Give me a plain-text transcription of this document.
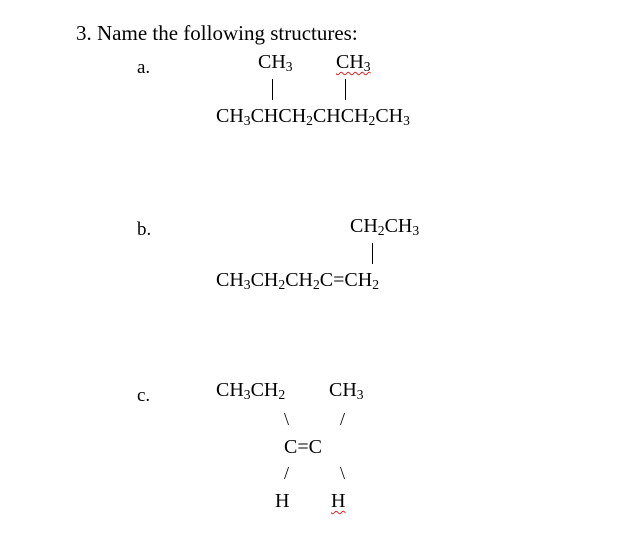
3. Name the following structures:
a.	$CH_3$ $CH_3$
$CH_3CHCH_2CHCH_2CH_3$
b.	$CH_2CH_3$
$CH_3CH_2CH_2C=CH_2$
c.	$CH_3CH_2$ $CH_3$
\	/
C=C
/	\
H H
